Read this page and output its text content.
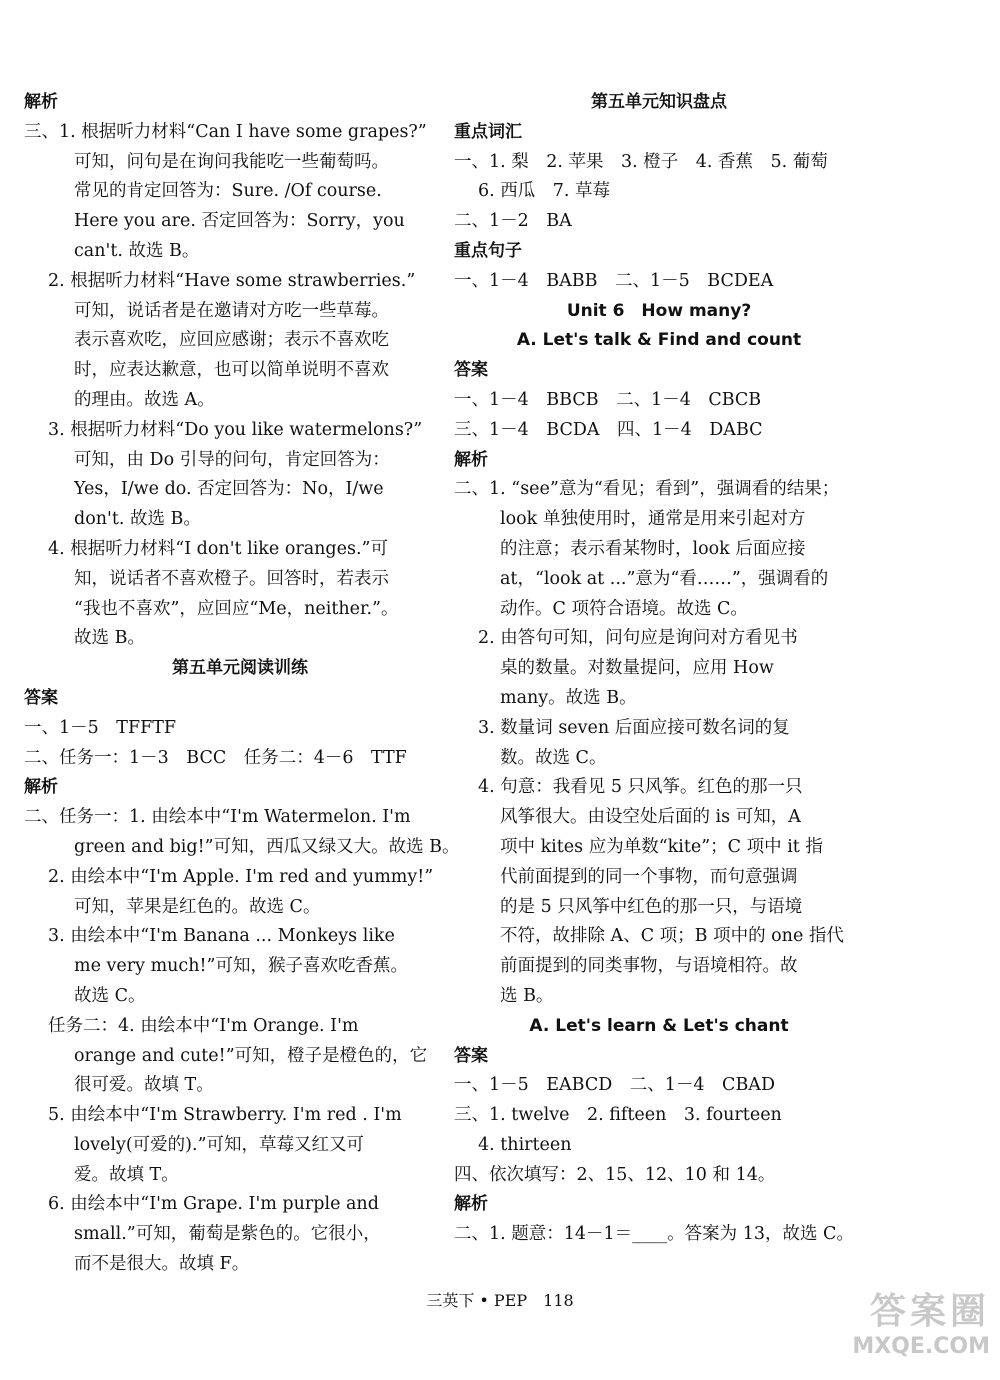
解析
三、1. 根据听力材料“Can I have some grapes?”
可知，问句是在询问我能吃一些葡萄吗。
常见的肯定回答为：Sure. /Of course.
Here you are. 否定回答为：Sorry，you
can't. 故选 B。
2. 根据听力材料“Have some strawberries.”
可知，说话者是在邀请对方吃一些草莓。
表示喜欢吃，应回应感谢；表示不喜欢吃
时，应表达歉意，也可以简单说明不喜欢
的理由。故选 A。
3. 根据听力材料“Do you like watermelons?”
可知，由 Do 引导的问句，肯定回答为：
Yes，I/we do. 否定回答为：No，I/we
don't. 故选 B。
4. 根据听力材料“I don't like oranges.”可
知，说话者不喜欢橙子。回答时，若表示
“我也不喜欢”，应回应“Me，neither.”。
故选 B。
第五单元阅读训练
答案
一、1－5　TFFTF
二、任务一：1－3　BCC　任务二：4－6　TTF
解析
二、任务一：1. 由绘本中“I'm Watermelon. I'm
green and big!”可知，西瓜又绿又大。故选 B。
2. 由绘本中“I'm Apple. I'm red and yummy!”
可知，苹果是红色的。故选 C。
3. 由绘本中“I'm Banana ... Monkeys like
me very much!”可知，猴子喜欢吃香蕉。
故选 C。
任务二：4. 由绘本中“I'm Orange. I'm
orange and cute!”可知，橙子是橙色的，它
很可爱。故填 T。
5. 由绘本中“I'm Strawberry. I'm red . I'm
lovely(可爱的).”可知，草莓又红又可
爱。故填 T。
6. 由绘本中“I'm Grape. I'm purple and
small.”可知，葡萄是紫色的。它很小，
而不是很大。故填 F。
第五单元知识盘点
重点词汇
一、1. 梨　2. 苹果　3. 橙子　4. 香蕉　5. 葡萄
6. 西瓜　7. 草莓
二、1－2　BA
重点句子
一、1－4　BABB　二、1－5　BCDEA
Unit 6　How many?
A. Let's talk & Find and count
答案
一、1－4　BBCB　二、1－4　CBCB
三、1－4　BCDA　四、1－4　DABC
解析
二、1. “see”意为“看见；看到”，强调看的结果；
look 单独使用时，通常是用来引起对方
的注意；表示看某物时，look 后面应接
at，“look at ...”意为“看……”，强调看的
动作。C 项符合语境。故选 C。
2. 由答句可知，问句应是询问对方看见书
桌的数量。对数量提问，应用 How
many。故选 B。
3. 数量词 seven 后面应接可数名词的复
数。故选 C。
4. 句意：我看见 5 只风筝。红色的那一只
风筝很大。由设空处后面的 is 可知，A
项中 kites 应为单数“kite”；C 项中 it 指
代前面提到的同一个事物，而句意强调
的是 5 只风筝中红色的那一只，与语境
不符，故排除 A、C 项；B 项中的 one 指代
前面提到的同类事物，与语境相符。故
选 B。
A. Let's learn & Let's chant
答案
一、1－5　EABCD　二、1－4　CBAD
三、1. twelve　2. fifteen　3. fourteen
4. thirteen
四、依次填写：2、15、12、10 和 14。
解析
二、1. 题意：14－1＝____。答案为 13，故选 C。
三英下 • PEP　118	答案圈
MXQE.COM
